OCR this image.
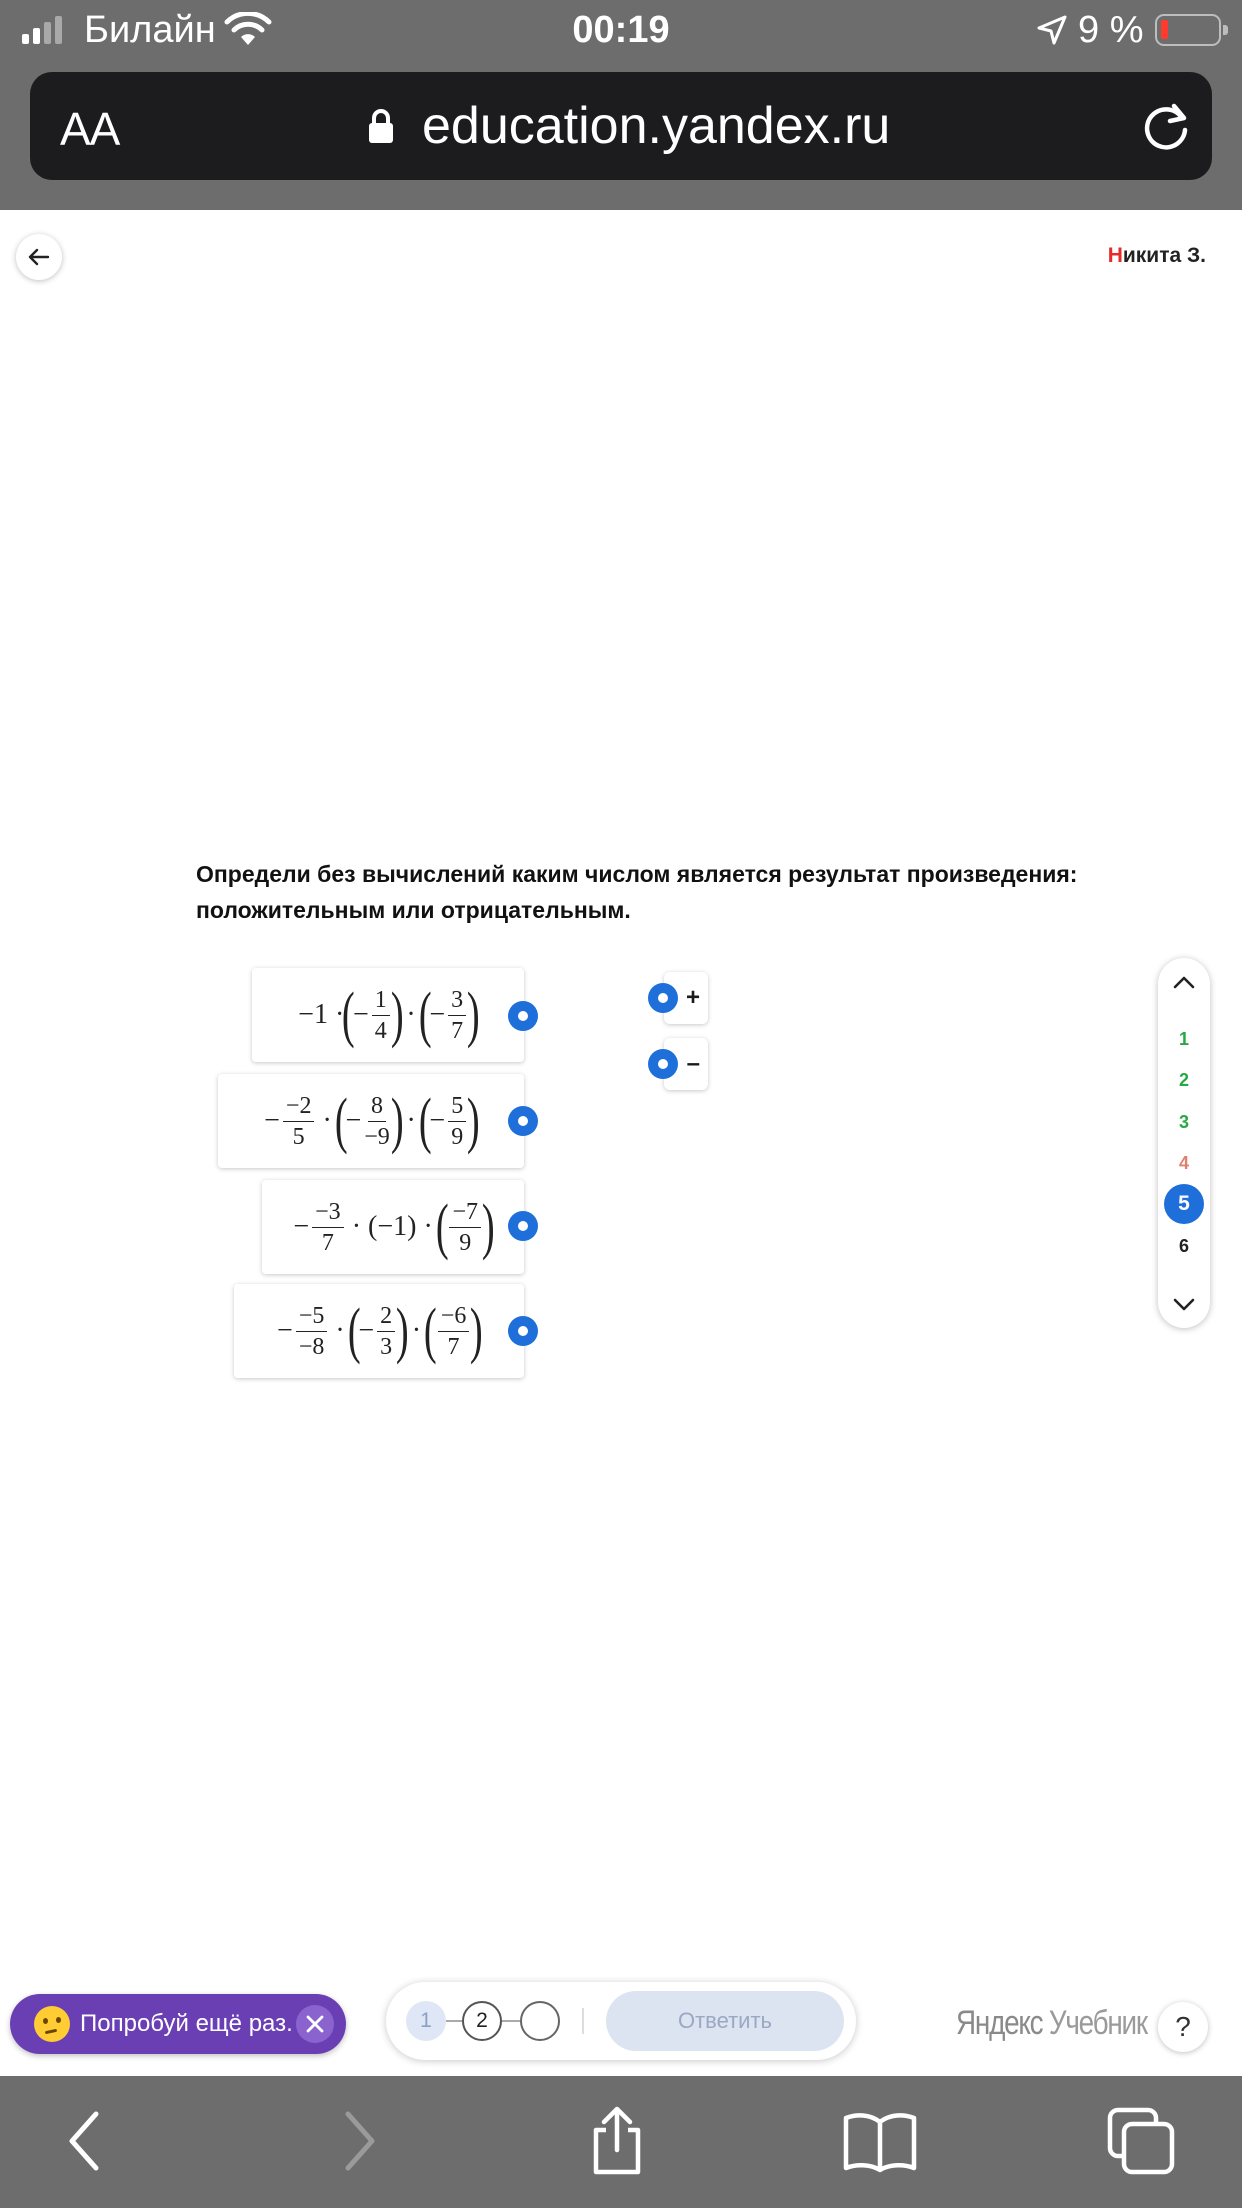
Билайн	00:19	9 %
AA	education.yandex.ru
Никита З.
Определи без вычислений каким числом является результат произведения: положительным или отрицательным.
−1 ·
(
− $\frac{1}{4}$ ) · (
− $\frac{3}{7}$ )
− $\frac{-2}{5}$ · (
− $\frac{8}{-9}$ ) · (
− $\frac{5}{9}$ )
− $\frac{-3}{7} \cdot (-1)$ · ( $\frac{-7}{9}$ )
− $\frac{-5}{-8}$ · (
− $\frac{2}{3}$ ) · ( $\frac{-6}{7}$ )
+
–
1
2
3
4
5
6
Попробуй ещё раз.	1	2	Ответить	Яндекс Учебник	?
